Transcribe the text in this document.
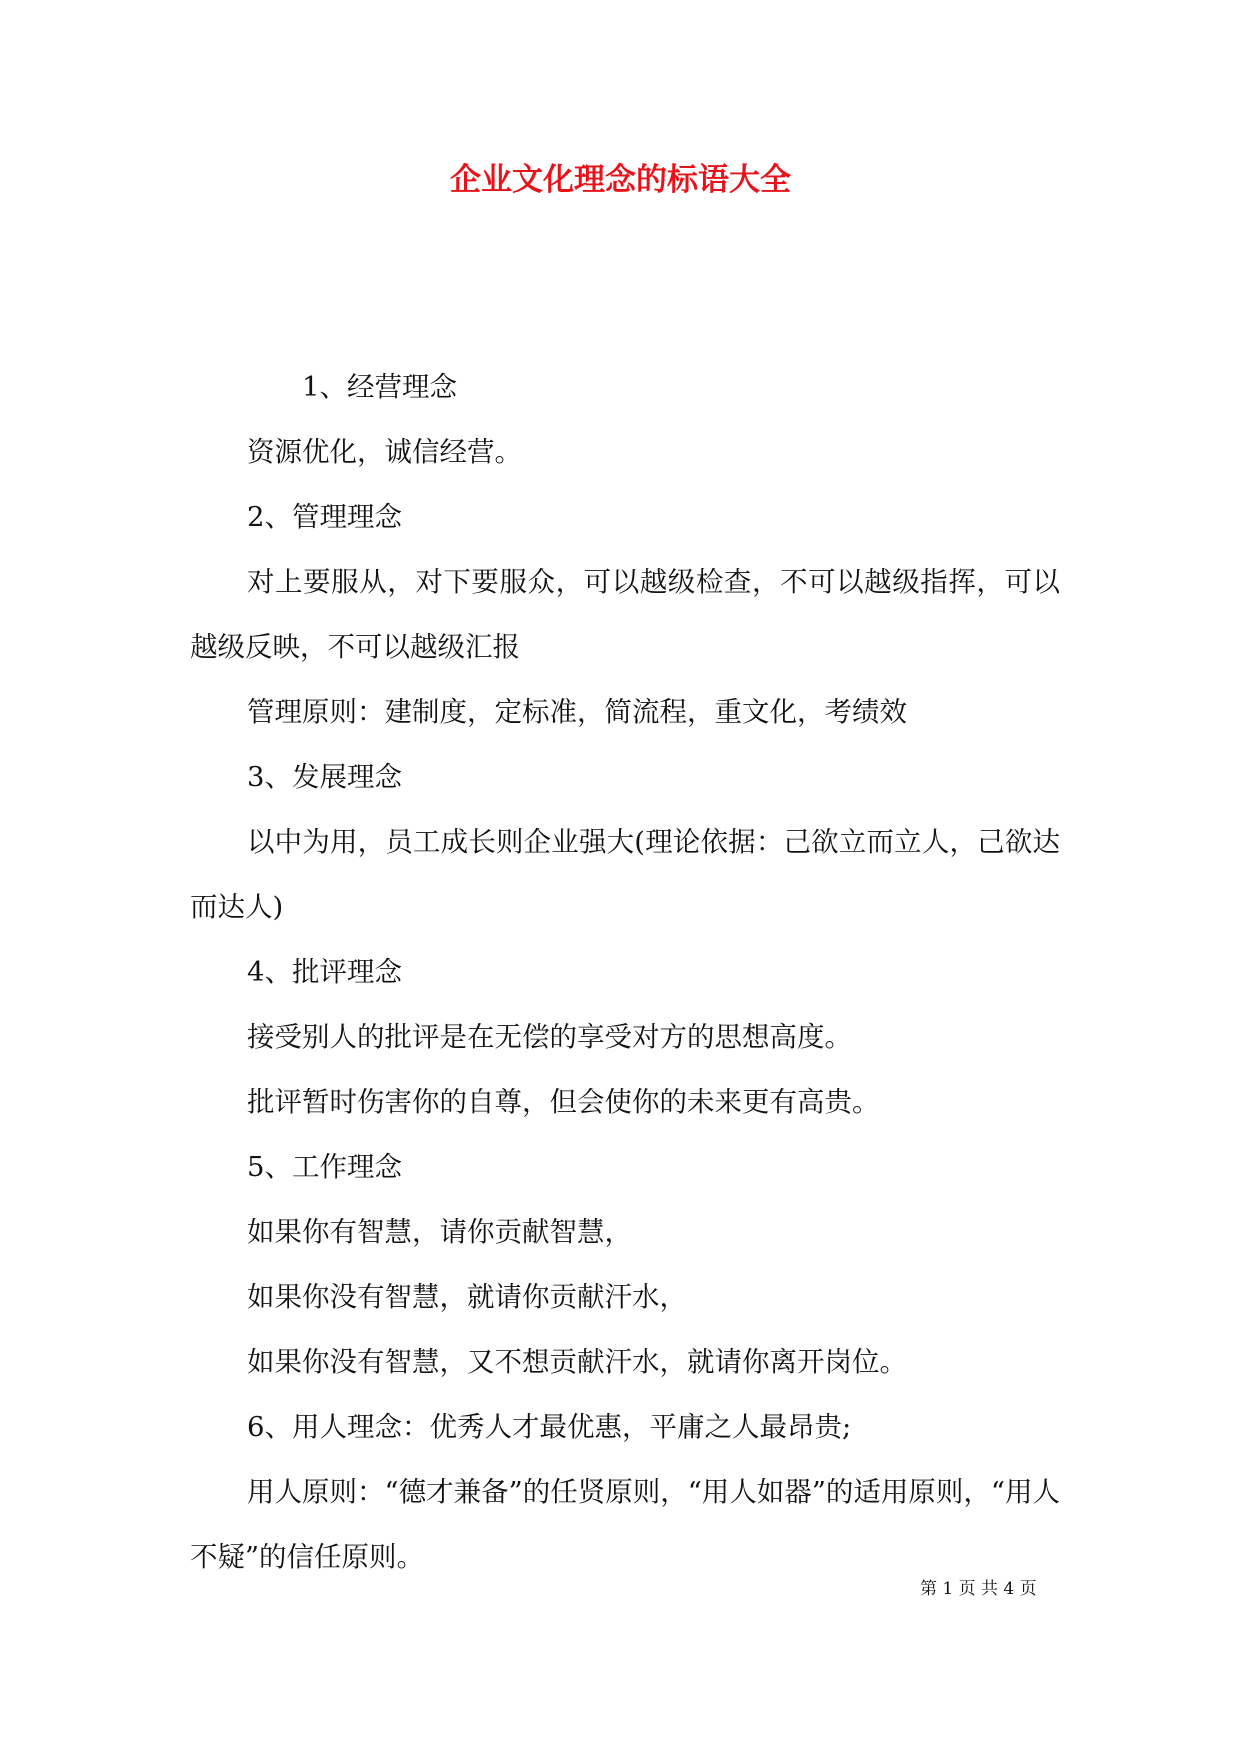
企业文化理念的标语大全

1、经营理念

资源优化，诚信经营。

2、管理理念

对上要服从，对下要服众，可以越级检查，不可以越级指挥，可以越级反映，不可以越级汇报

管理原则：建制度，定标准，简流程，重文化，考绩效

3、发展理念

以中为用，员工成长则企业强大(理论依据：己欲立而立人，己欲达而达人)

4、批评理念

接受别人的批评是在无偿的享受对方的思想高度。

批评暂时伤害你的自尊，但会使你的未来更有高贵。

5、工作理念

如果你有智慧，请你贡献智慧，

如果你没有智慧，就请你贡献汗水，

如果你没有智慧，又不想贡献汗水，就请你离开岗位。

6、用人理念：优秀人才最优惠，平庸之人最昂贵;

用人原则：“德才兼备”的任贤原则，“用人如器”的适用原则，“用人不疑”的信任原则。

第 1 页 共 4 页
